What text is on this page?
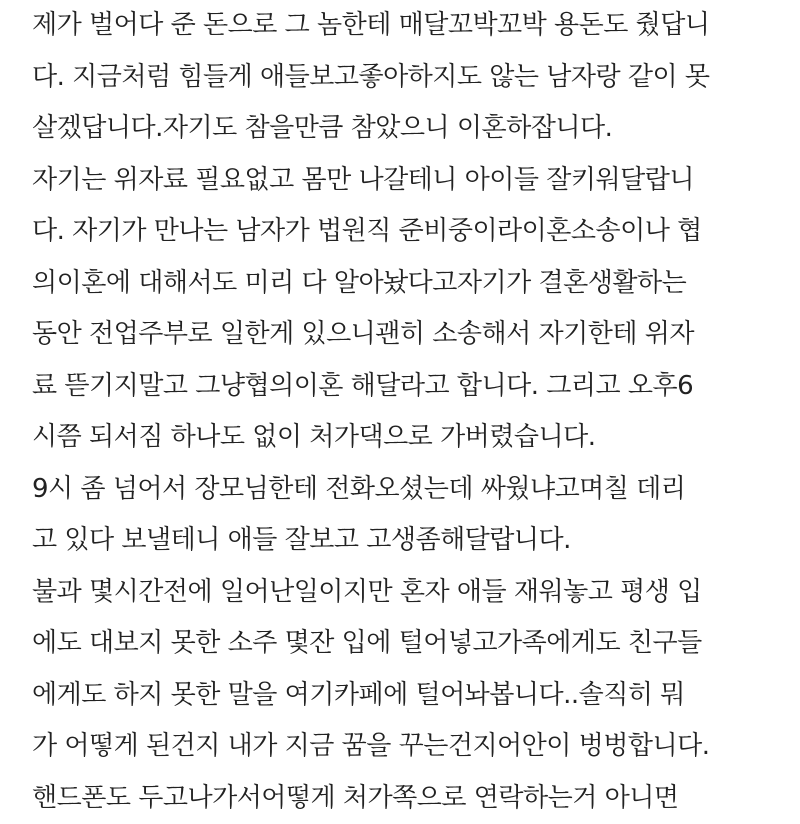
제가 벌어다 준 돈으로 그 놈한테 매달꼬박꼬박 용돈도 줬답니

다. 지금처럼 힘들게 애들보고좋아하지도 않는 남자랑 같이 못

살겠답니다.자기도 참을만큼 참았으니 이혼하잡니다.

자기는 위자료 필요없고 몸만 나갈테니 아이들 잘키워달랍니

다. 자기가 만나는 남자가 법원직 준비중이라이혼소송이나 협

의이혼에 대해서도 미리 다 알아놨다고자기가 결혼생활하는

동안 전업주부로 일한게 있으니괜히 소송해서 자기한테 위자

료 뜯기지말고 그냥협의이혼 해달라고 합니다. 그리고 오후6

시쯤 되서짐 하나도 없이 처가댁으로 가버렸습니다.

9시 좀 넘어서 장모님한테 전화오셨는데 싸웠냐고며칠 데리

고 있다 보낼테니 애들 잘보고 고생좀해달랍니다.

불과 몇시간전에 일어난일이지만 혼자 애들 재워놓고 평생 입

에도 대보지 못한 소주 몇잔 입에 털어넣고가족에게도 친구들

에게도 하지 못한 말을 여기카페에 털어놔봅니다..솔직히 뭐

가 어떻게 된건지 내가 지금 꿈을 꾸는건지어안이 벙벙합니다.

핸드폰도 두고나가서어떻게 처가쪽으로 연락하는거 아니면
